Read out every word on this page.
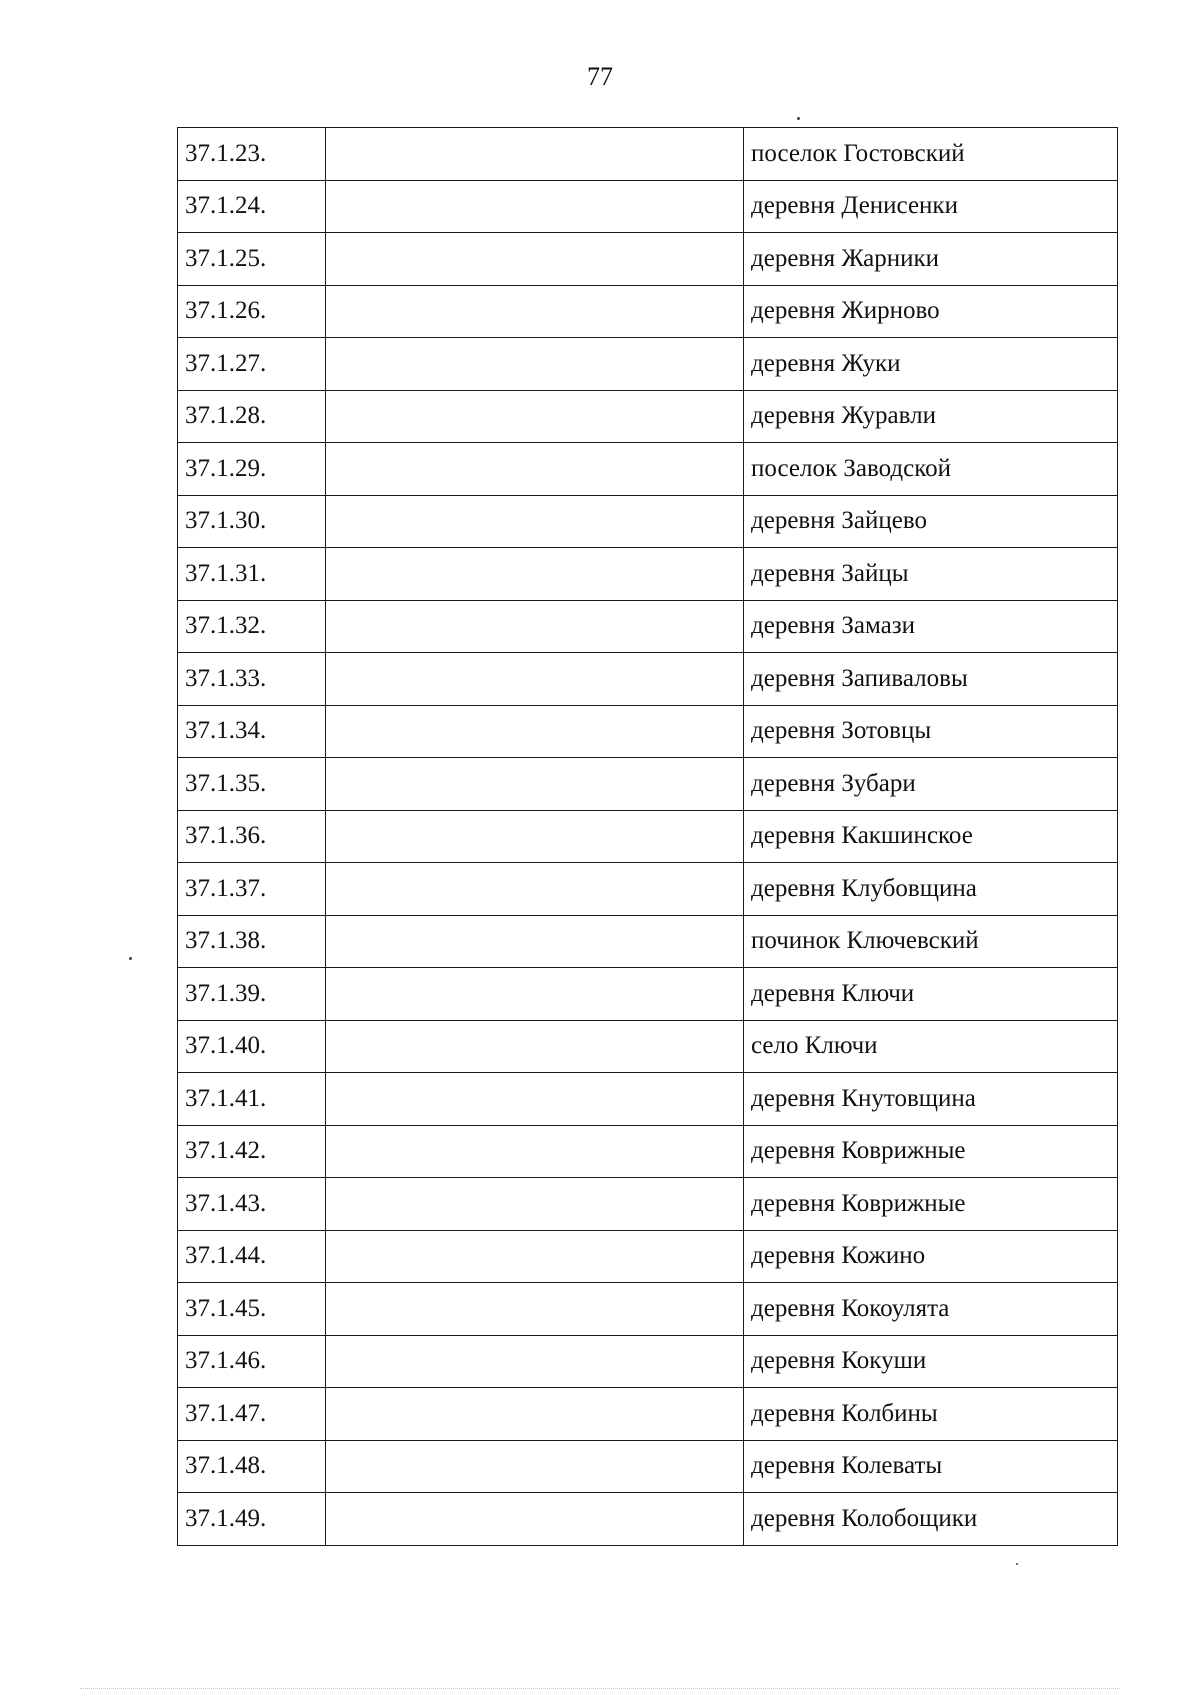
77
37.1.23.		поселок Гостовский
37.1.24.		деревня Денисенки
37.1.25.		деревня Жарники
37.1.26.		деревня Жирново
37.1.27.		деревня Жуки
37.1.28.		деревня Журавли
37.1.29.		поселок Заводской
37.1.30.		деревня Зайцево
37.1.31.		деревня Зайцы
37.1.32.		деревня Замази
37.1.33.		деревня Запиваловы
37.1.34.		деревня Зотовцы
37.1.35.		деревня Зубари
37.1.36.		деревня Какшинское
37.1.37.		деревня Клубовщина
37.1.38.		починок Ключевский
37.1.39.		деревня Ключи
37.1.40.		село Ключи
37.1.41.		деревня Кнутовщина
37.1.42.		деревня Коврижные
37.1.43.		деревня Коврижные
37.1.44.		деревня Кожино
37.1.45.		деревня Кокоулята
37.1.46.		деревня Кокуши
37.1.47.		деревня Колбины
37.1.48.		деревня Колеваты
37.1.49.		деревня Колобощики
